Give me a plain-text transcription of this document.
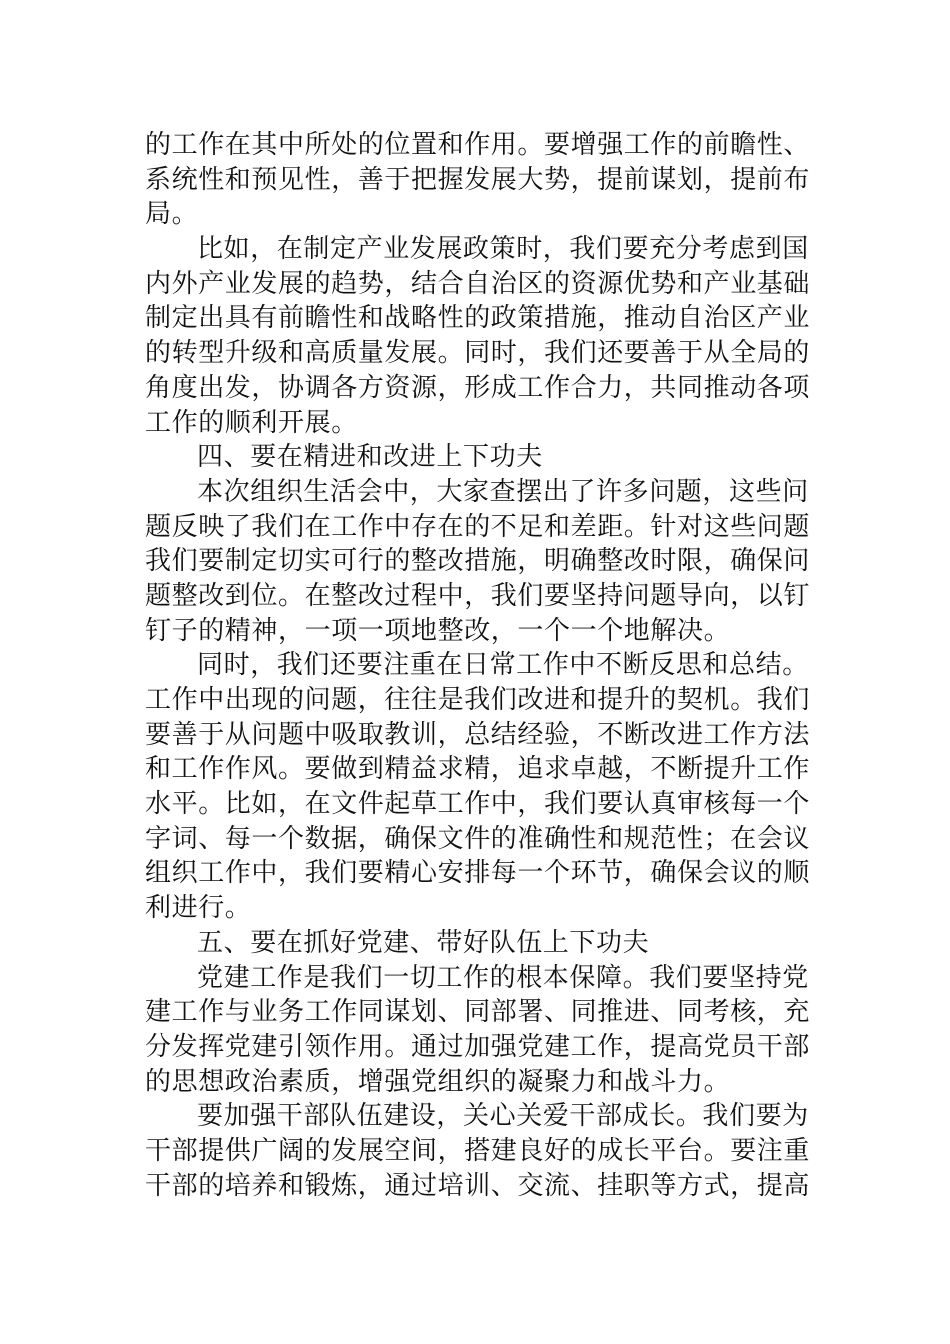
的工作在其中所处的位置和作用。要增强工作的前瞻性、
系统性和预见性，善于把握发展大势，提前谋划，提前布
局。
比如，在制定产业发展政策时，我们要充分考虑到国
内外产业发展的趋势，结合自治区的资源优势和产业基础
制定出具有前瞻性和战略性的政策措施，推动自治区产业
的转型升级和高质量发展。同时，我们还要善于从全局的
角度出发，协调各方资源，形成工作合力，共同推动各项
工作的顺利开展。
四、要在精进和改进上下功夫
本次组织生活会中，大家查摆出了许多问题，这些问
题反映了我们在工作中存在的不足和差距。针对这些问题
我们要制定切实可行的整改措施，明确整改时限，确保问
题整改到位。在整改过程中，我们要坚持问题导向，以钉
钉子的精神，一项一项地整改，一个一个地解决。
同时，我们还要注重在日常工作中不断反思和总结。
工作中出现的问题，往往是我们改进和提升的契机。我们
要善于从问题中吸取教训，总结经验，不断改进工作方法
和工作作风。要做到精益求精，追求卓越，不断提升工作
水平。比如，在文件起草工作中，我们要认真审核每一个
字词、每一个数据，确保文件的准确性和规范性；在会议
组织工作中，我们要精心安排每一个环节，确保会议的顺
利进行。
五、要在抓好党建、带好队伍上下功夫
党建工作是我们一切工作的根本保障。我们要坚持党
建工作与业务工作同谋划、同部署、同推进、同考核，充
分发挥党建引领作用。通过加强党建工作，提高党员干部
的思想政治素质，增强党组织的凝聚力和战斗力。
要加强干部队伍建设，关心关爱干部成长。我们要为
干部提供广阔的发展空间，搭建良好的成长平台。要注重
干部的培养和锻炼，通过培训、交流、挂职等方式，提高
